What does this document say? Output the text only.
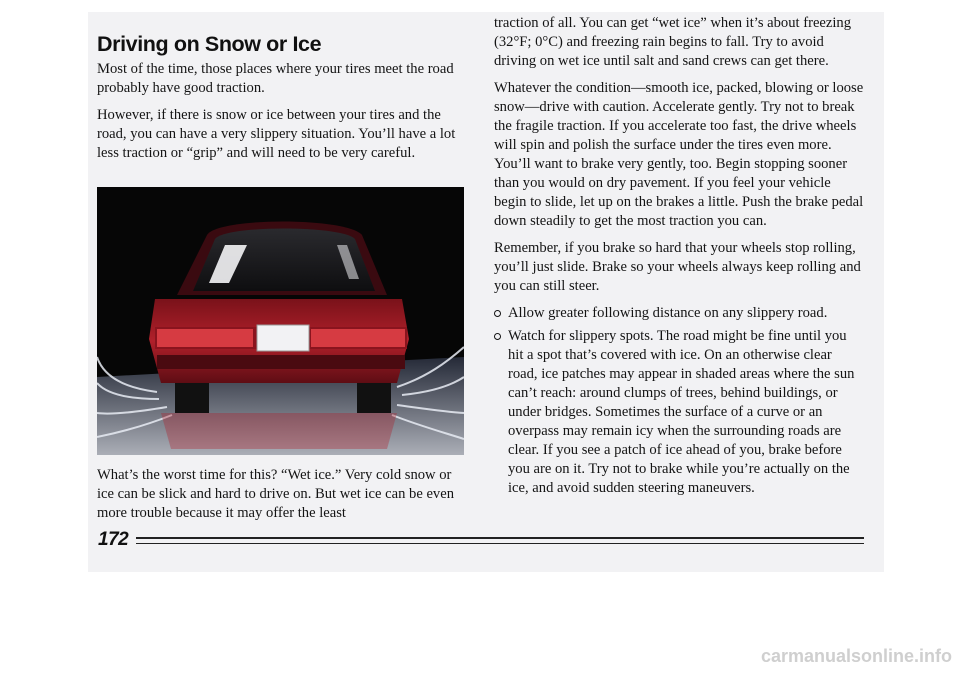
Driving on Snow or Ice

Most of the time, those places where your tires meet the road probably have good traction.

However, if there is snow or ice between your tires and the road, you can have a very slippery situation. You’ll have a lot less traction or “grip” and will need to be very careful.

What’s the worst time for this? “Wet ice.” Very cold snow or ice can be slick and hard to drive on. But wet ice can be even more trouble because it may offer the least

traction of all. You can get “wet ice” when it’s about freezing (32°F; 0°C) and freezing rain begins to fall. Try to avoid driving on wet ice until salt and sand crews can get there.

Whatever the condition—smooth ice, packed, blowing or loose snow—drive with caution. Accelerate gently. Try not to break the fragile traction. If you accelerate too fast, the drive wheels will spin and polish the surface under the tires even more. You’ll want to brake very gently, too. Begin stopping sooner than you would on dry pavement. If you feel your vehicle begin to slide, let up on the brakes a little. Push the brake pedal down steadily to get the most traction you can.

Remember, if you brake so hard that your wheels stop rolling, you’ll just slide. Brake so your wheels always keep rolling and you can still steer.

Allow greater following distance on any slippery road.
Watch for slippery spots. The road might be fine until you hit a spot that’s covered with ice. On an otherwise clear road, ice patches may appear in shaded areas where the sun can’t reach: around clumps of trees, behind buildings, or under bridges. Sometimes the surface of a curve or an overpass may remain icy when the surrounding roads are clear. If you see a patch of ice ahead of you, brake before you are on it. Try not to brake while you’re actually on the ice, and avoid sudden steering maneuvers.
172
carmanualsonline.info
